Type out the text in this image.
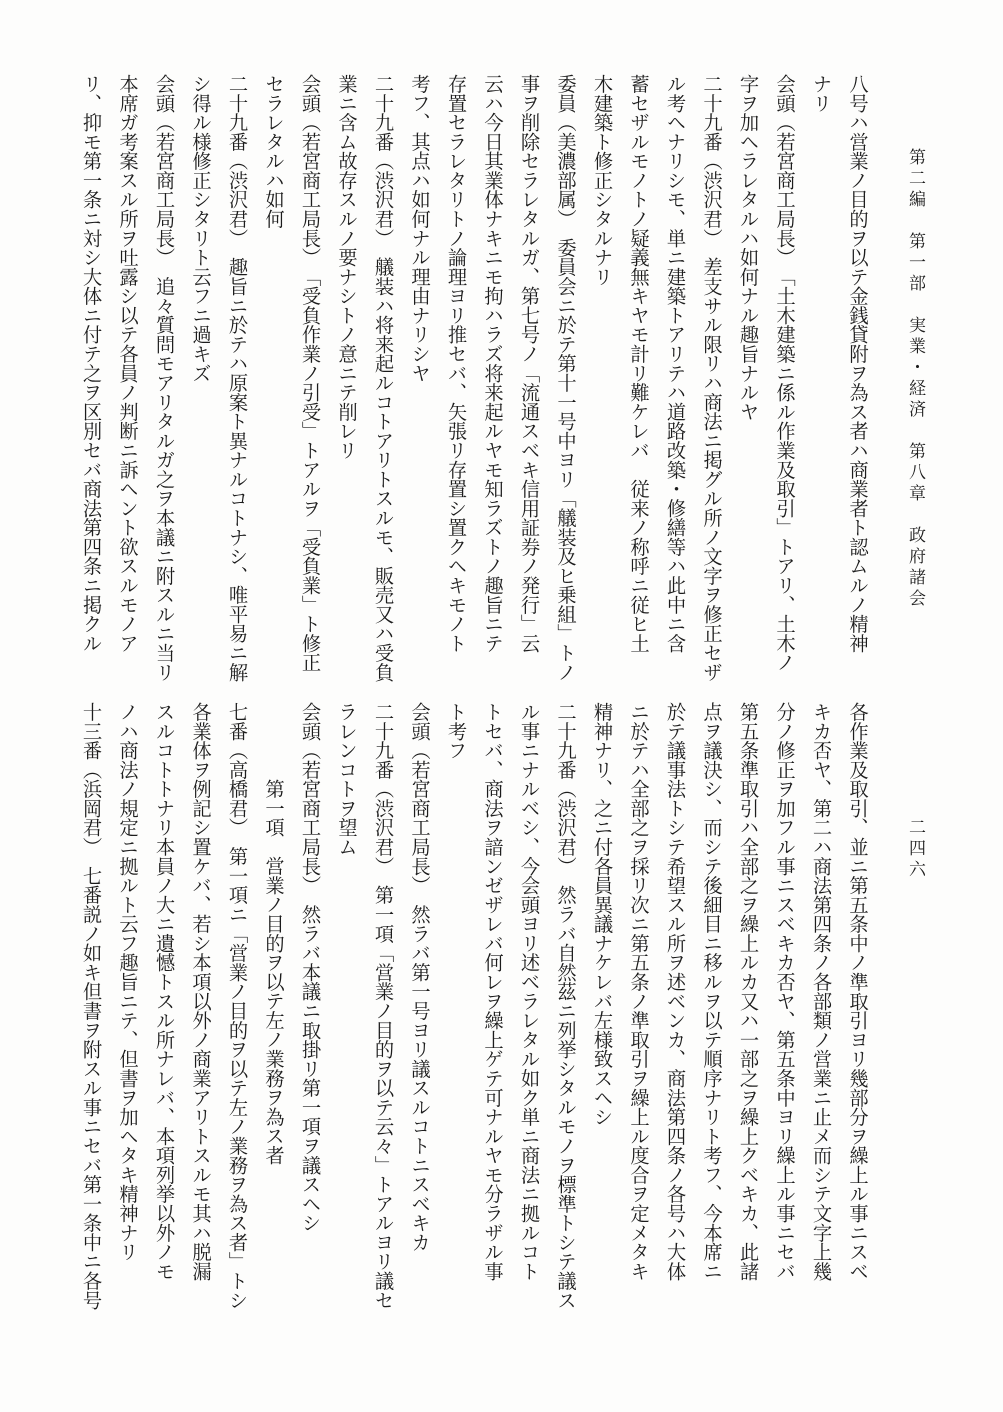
第二編　第一部　実業・経済　第八章　政府諸会
二四六
八号ハ営業ノ目的ヲ以テ金銭貸附ヲ為ス者ハ商業者ト認ムルノ精神
ナリ
会頭（若宮商工局長）　「土木建築ニ係ル作業及取引」トアリ、土木ノ
字ヲ加ヘラレタルハ如何ナル趣旨ナルヤ
二十九番（渋沢君）　差支サル限リハ商法ニ掲グル所ノ文字ヲ修正セザ
ル考ヘナリシモ、単ニ建築トアリテハ道路改築・修繕等ハ此中ニ含
蓄セザルモノトノ疑義無キヤモ計リ難ケレバ　従来ノ称呼ニ従ヒ土
木建築ト修正シタルナリ
委員（美濃部属）　委員会ニ於テ第十一号中ヨリ「艤装及ヒ乗組」トノ
事ヲ削除セラレタルガ、第七号ノ「流通スベキ信用証券ノ発行」云
云ハ今日其業体ナキニモ拘ハラズ将来起ルヤモ知ラズトノ趣旨ニテ
存置セラレタリトノ論理ヨリ推セバ、矢張リ存置シ置クヘキモノト
考フ、其点ハ如何ナル理由ナリシヤ
二十九番（渋沢君）　艤装ハ将来起ルコトアリトスルモ、販売又ハ受負
業ニ含ム故存スルノ要ナシトノ意ニテ削レリ
会頭（若宮商工局長）　「受負作業ノ引受」トアルヲ「受負業」ト修正
セラレタルハ如何
二十九番（渋沢君）　趣旨ニ於テハ原案ト異ナルコトナシ、唯平易ニ解
シ得ル様修正シタリト云フニ過キズ
会頭（若宮商工局長）　追々質問モアリタルガ之ヲ本議ニ附スルニ当リ
本席ガ考案スル所ヲ吐露シ以テ各員ノ判断ニ訴ヘント欲スルモノア
リ、抑モ第一条ニ対シ大体ニ付テ之ヲ区別セバ商法第四条ニ掲クル
各作業及取引、並ニ第五条中ノ準取引ヨリ幾部分ヲ繰上ル事ニスベ
キカ否ヤ、第二ハ商法第四条ノ各部類ノ営業ニ止メ而シテ文字上幾
分ノ修正ヲ加フル事ニスベキカ否ヤ、第五条中ヨリ繰上ル事ニセバ
第五条準取引ハ全部之ヲ繰上ルカ又ハ一部之ヲ繰上クベキカ、此諸
点ヲ議決シ、而シテ後細目ニ移ルヲ以テ順序ナリト考フ、今本席ニ
於テ議事法トシテ希望スル所ヲ述ベンカ、商法第四条ノ各号ハ大体
ニ於テハ全部之ヲ採リ次ニ第五条ノ準取引ヲ繰上ル度合ヲ定メタキ
精神ナリ、之ニ付各員異議ナケレバ左様致スヘシ
二十九番（渋沢君）　然ラバ自然茲ニ列挙シタルモノヲ標準トシテ議ス
ル事ニナルベシ、今会頭ヨリ述ベラレタル如ク単ニ商法ニ拠ルコト
トセバ、商法ヲ諳ンゼザレバ何レヲ繰上ゲテ可ナルヤモ分ラザル事
ト考フ
会頭（若宮商工局長）　然ラバ第一号ヨリ議スルコトニスベキカ
二十九番（渋沢君）　第一項「営業ノ目的ヲ以テ云々」トアルヨリ議セ
ラレンコトヲ望ム
会頭（若宮商工局長）　然ラバ本議ニ取掛リ第一項ヲ議スヘシ
第一項　営業ノ目的ヲ以テ左ノ業務ヲ為ス者
七番（高橋君）　第一項ニ「営業ノ目的ヲ以テ左ノ業務ヲ為ス者」トシ
各業体ヲ例記シ置ケバ、若シ本項以外ノ商業アリトスルモ其ハ脱漏
スルコトトナリ本員ノ大ニ遺憾トスル所ナレバ、本項列挙以外ノモ
ノハ商法ノ規定ニ拠ルト云フ趣旨ニテ、但書ヲ加ヘタキ精神ナリ
十三番（浜岡君）　七番説ノ如キ但書ヲ附スル事ニセバ第一条中ニ各号
